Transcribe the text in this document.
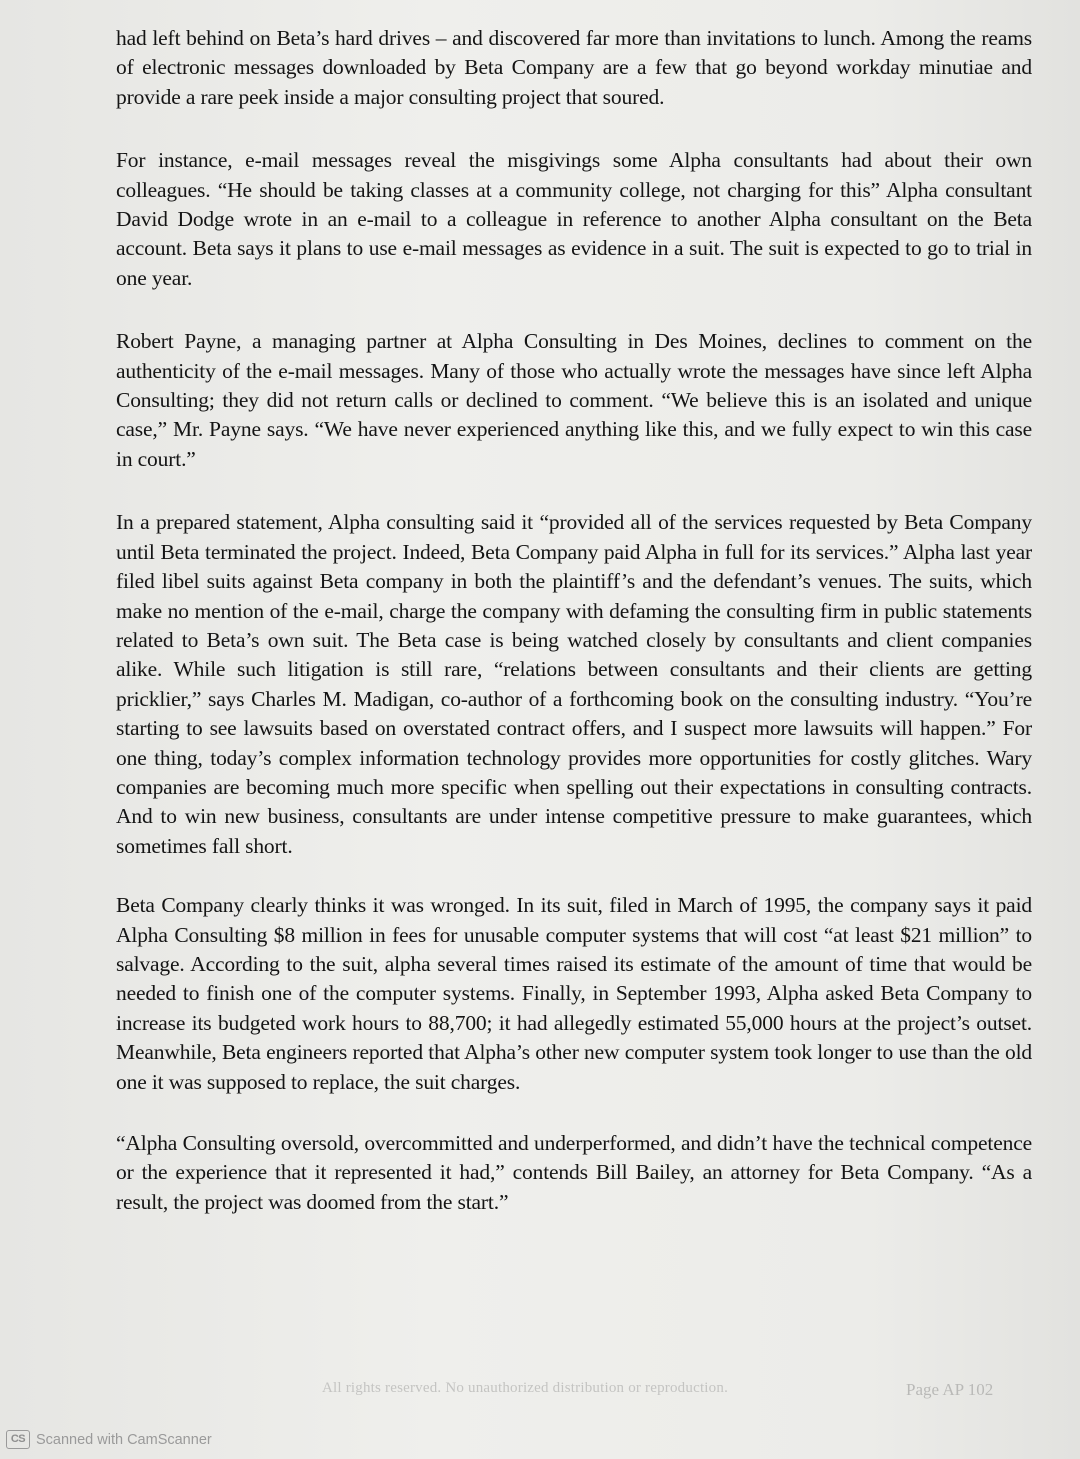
had left behind on Beta’s hard drives – and discovered far more than invitations to lunch. Among the reams of electronic messages downloaded by Beta Company are a few that go beyond workday minutiae and provide a rare peek inside a major consulting project that soured.

For instance, e-mail messages reveal the misgivings some Alpha consultants had about their own colleagues. “He should be taking classes at a community college, not charging for this” Alpha consultant David Dodge wrote in an e-mail to a colleague in reference to another Alpha consultant on the Beta account. Beta says it plans to use e-mail messages as evidence in a suit. The suit is expected to go to trial in one year.

Robert Payne, a managing partner at Alpha Consulting in Des Moines, declines to comment on the authenticity of the e-mail messages. Many of those who actually wrote the messages have since left Alpha Consulting; they did not return calls or declined to comment. “We believe this is an isolated and unique case,” Mr. Payne says. “We have never experienced anything like this, and we fully expect to win this case in court.”

In a prepared statement, Alpha consulting said it “provided all of the services requested by Beta Company until Beta terminated the project. Indeed, Beta Company paid Alpha in full for its services.” Alpha last year filed libel suits against Beta company in both the plaintiff’s and the defendant’s venues. The suits, which make no mention of the e-mail, charge the company with defaming the consulting firm in public statements related to Beta’s own suit. The Beta case is being watched closely by consultants and client companies alike. While such litigation is still rare, “relations between consultants and their clients are getting pricklier,” says Charles M. Madigan, co-author of a forthcoming book on the consulting industry. “You’re starting to see lawsuits based on overstated contract offers, and I suspect more lawsuits will happen.” For one thing, today’s complex information technology provides more opportunities for costly glitches. Wary companies are becoming much more specific when spelling out their expectations in consulting contracts. And to win new business, consultants are under intense competitive pressure to make guarantees, which sometimes fall short.

Beta Company clearly thinks it was wronged. In its suit, filed in March of 1995, the company says it paid Alpha Consulting $8 million in fees for unusable computer systems that will cost “at least $21 million” to salvage. According to the suit, alpha several times raised its estimate of the amount of time that would be needed to finish one of the computer systems. Finally, in September 1993, Alpha asked Beta Company to increase its budgeted work hours to 88,700; it had allegedly estimated 55,000 hours at the project’s outset. Meanwhile, Beta engineers reported that Alpha’s other new computer system took longer to use than the old one it was supposed to replace, the suit charges.

“Alpha Consulting oversold, overcommitted and underperformed, and didn’t have the technical competence or the experience that it represented it had,” contends Bill Bailey, an attorney for Beta Company. “As a result, the project was doomed from the start.”

All rights reserved. No unauthorized distribution or reproduction.	Page AP 102
CS Scanned with CamScanner
